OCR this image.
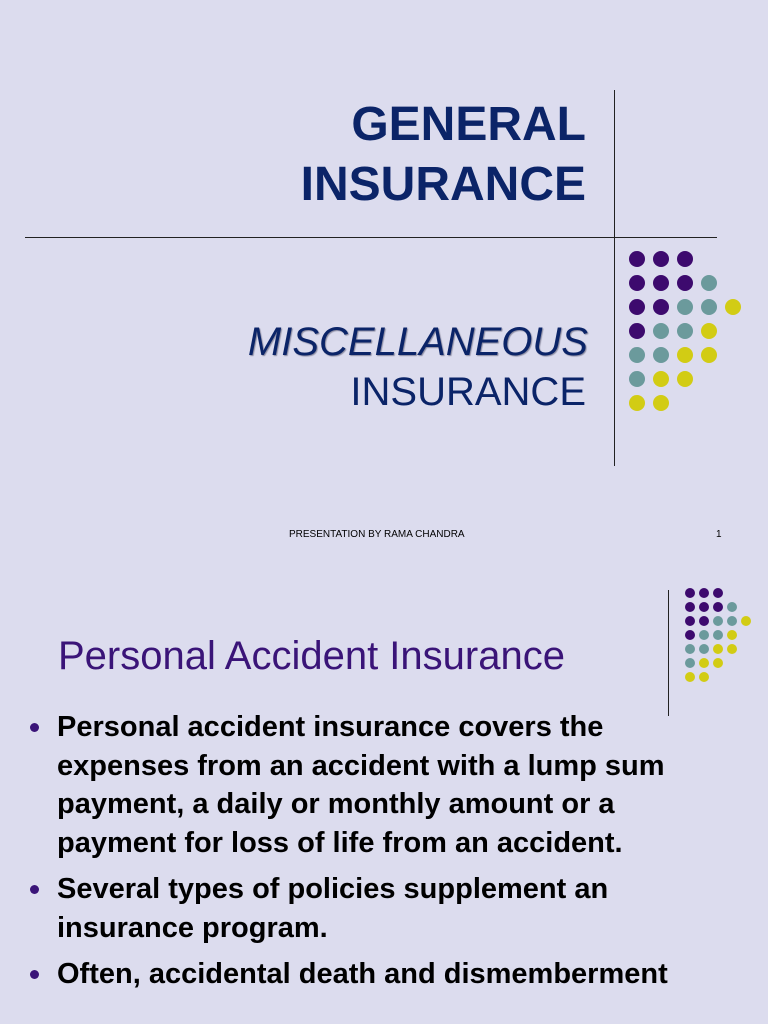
GENERAL
INSURANCE
MISCELLANEOUS
INSURANCE
PRESENTATION BY RAMA CHANDRA	1
Personal Accident Insurance
Personal accident insurance covers the expenses from an accident with a lump sum payment, a daily or monthly amount or a payment for loss of life from an accident.
Several types of policies supplement an insurance program.
Often, accidental death and dismemberment
